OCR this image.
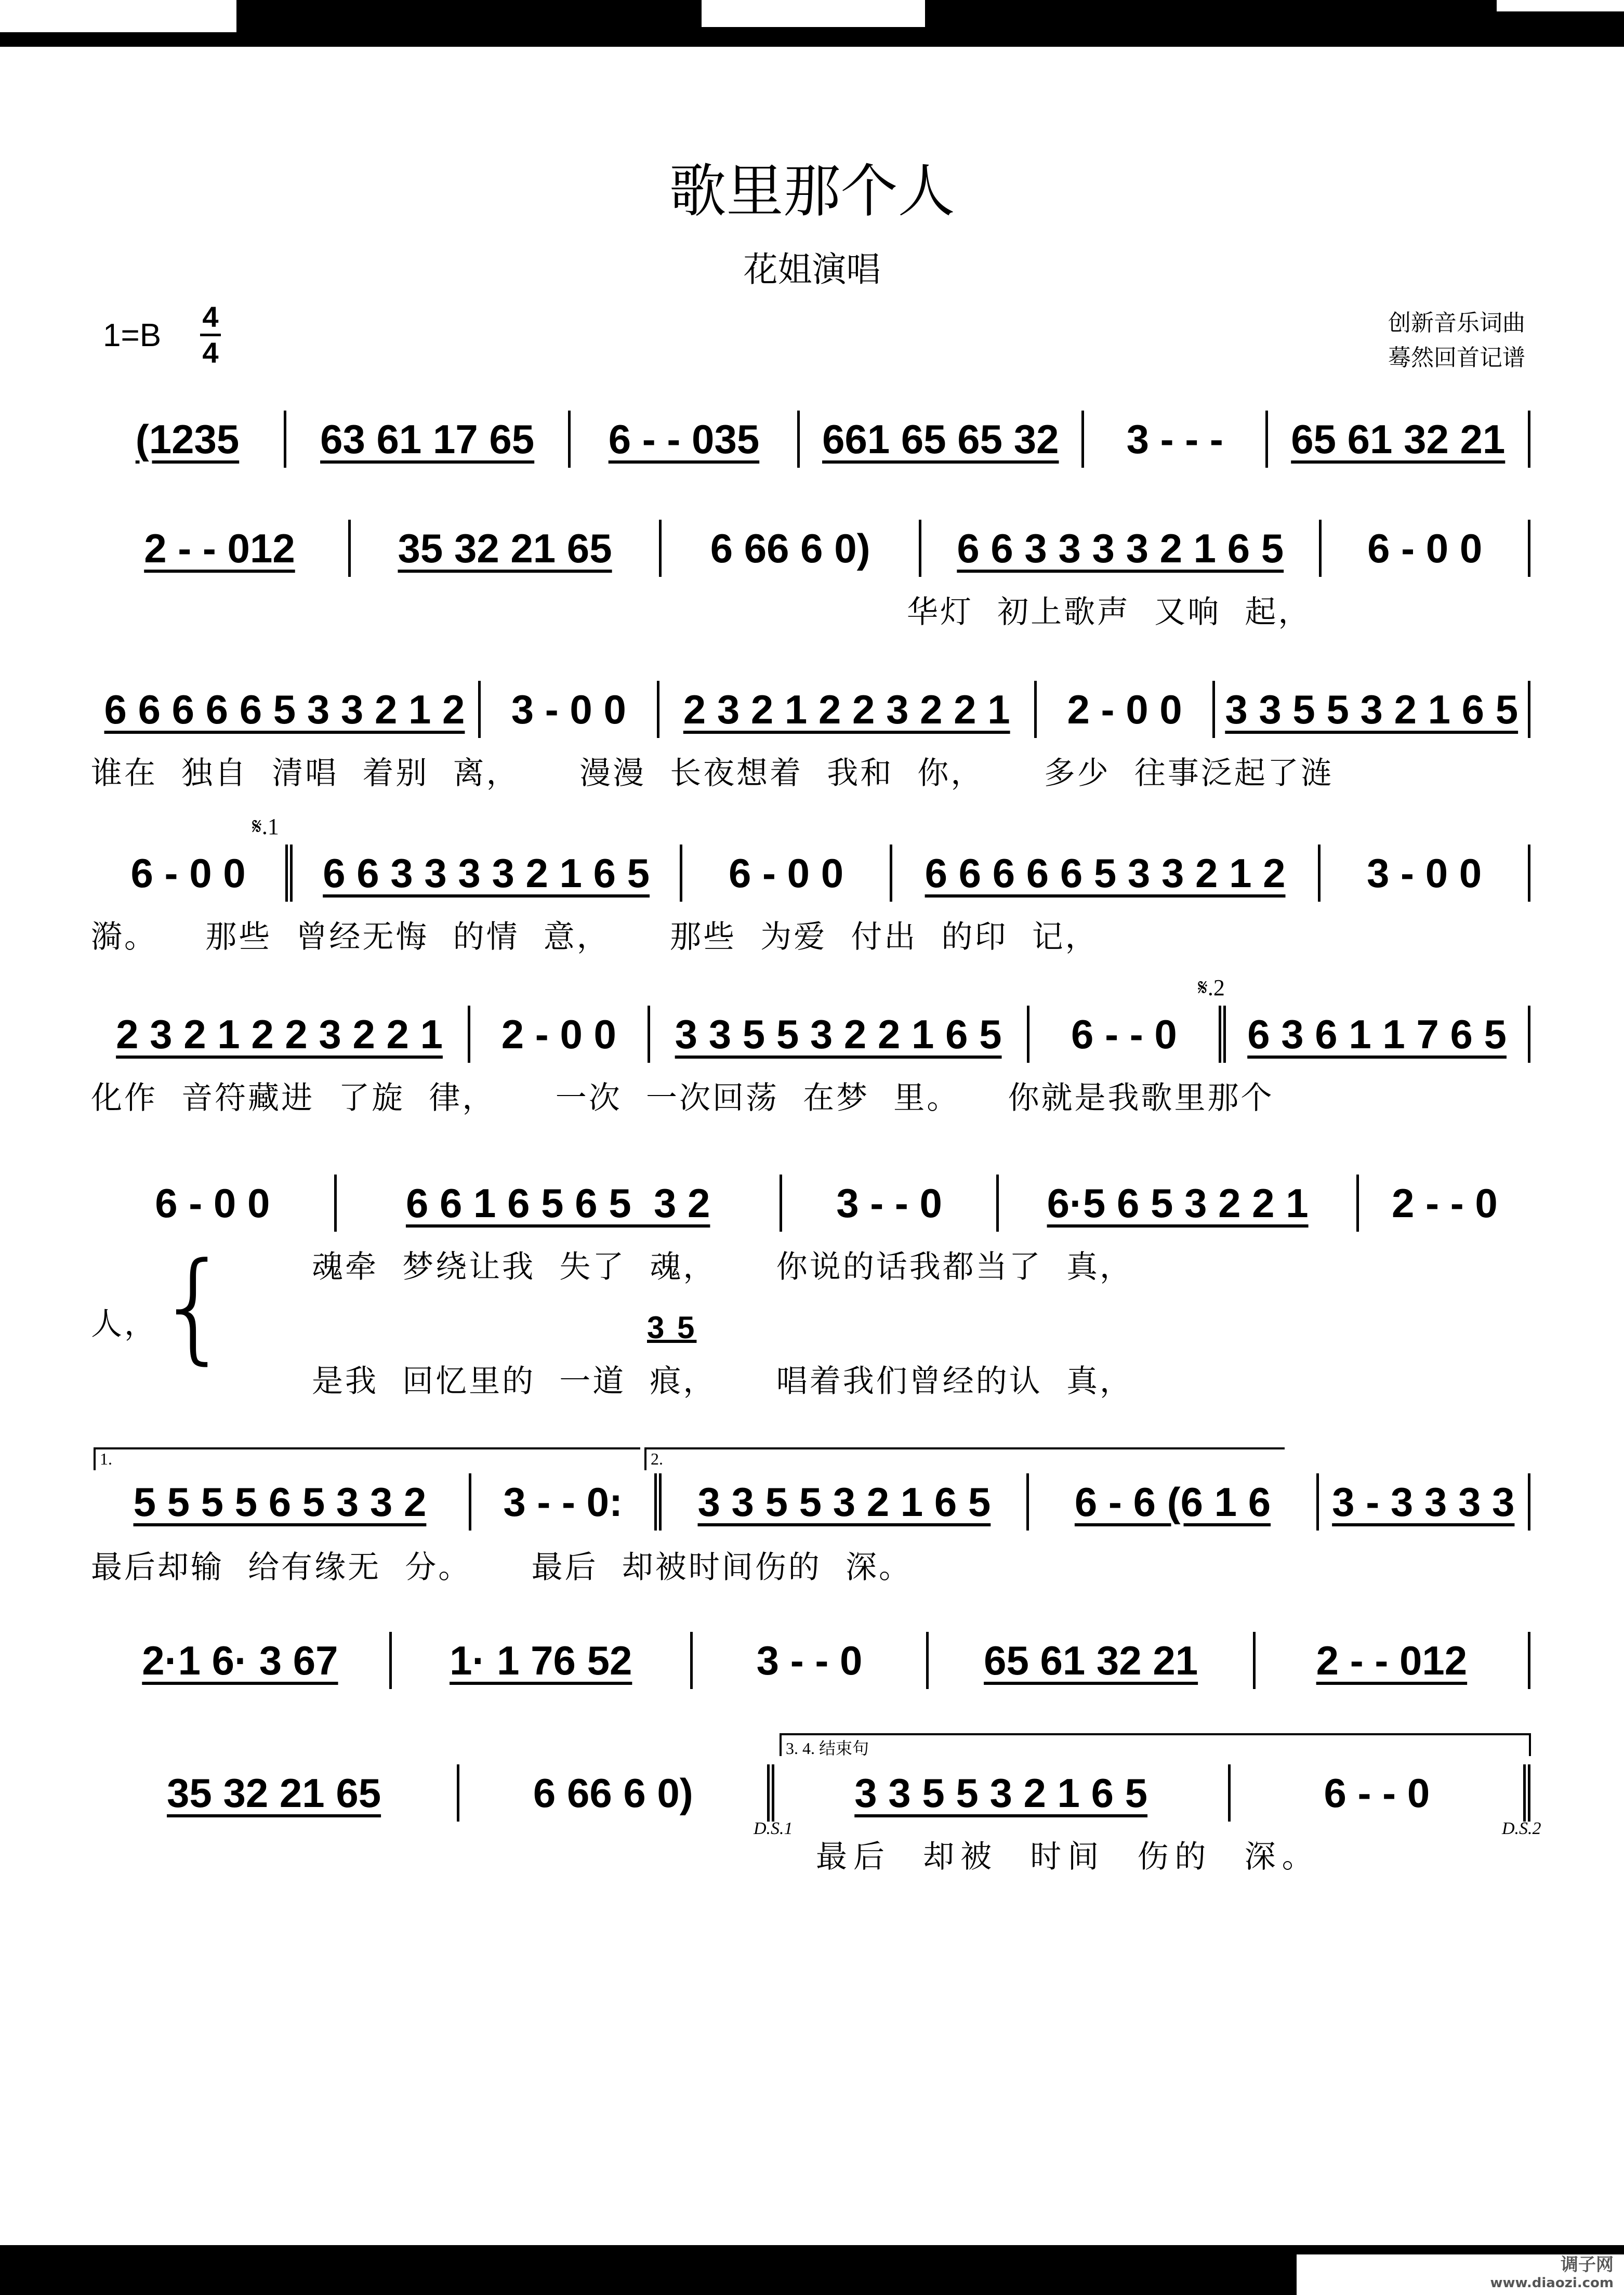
歌里那个人
花姐演唱
1=B
4
4
创新音乐词曲
蓦然回首记谱
(1235	63 61 17 65	6 - - 035	661 65 65 32	3 - - -	65 61 32 21
2 - - 012	35 32 21 65	6 66 6 0)	6 6 3 3 3 3 2 1 6 5	6 - 0 0
华灯  初上歌声  又响  起，
6 6 6 6 6 5 3 3 2 1 2	3 - 0 0	2 3 2 1 2 2 3 2 2 1	2 - 0 0	3 3 5 5 3 2 1 6 5
谁在  独自  清唱  着别  离，     漫漫  长夜想着  我和  你，     多少  往事泛起了涟
𝄋.1
6 - 0 0	6 6 3 3 3 3 2 1 6 5	6 - 0 0	6 6 6 6 6 5 3 3 2 1 2	3 - 0 0
漪。    那些  曾经无悔  的情  意，     那些  为爱  付出  的印  记，
𝄋.2
2 3 2 1 2 2 3 2 2 1	2 - 0 0	3 3 5 5 3 2 2 1 6 5	6 - - 0	6 3 6 1 1 7 6 5
化作  音符藏进  了旋  律，     一次  一次回荡  在梦  里。    你就是我歌里那个
6 - 0 0	6 6 1 6 5 6 5  3 2	3 - - 0	6·5 6 5 3 2 2 1	2 - - 0
人，
{	魂牵  梦绕让我  失了  魂，     你说的话我都当了  真，
3 5
是我  回忆里的  一道  痕，     唱着我们曾经的认  真，
1.	2.
5 5 5 5 6 5 3 3 2	3 - - 0:	3 3 5 5 3 2 1 6 5	6 - 6 (6 1 6	3 - 3 3 3 3
最后却输  给有缘无  分。     最后  却被时间伤的  深。
2·1 6· 3 67	1· 1 76 52	3 - - 0	65 61 32 21	2 - - 012
3. 4. 结束句
35 32 21 65	6 66 6 0)	3 3 5 5 3 2 1 6 5	6 - - 0
D.S.1	D.S.2
最后  却被  时间  伤的  深。
调子网
www.diaozi.com
